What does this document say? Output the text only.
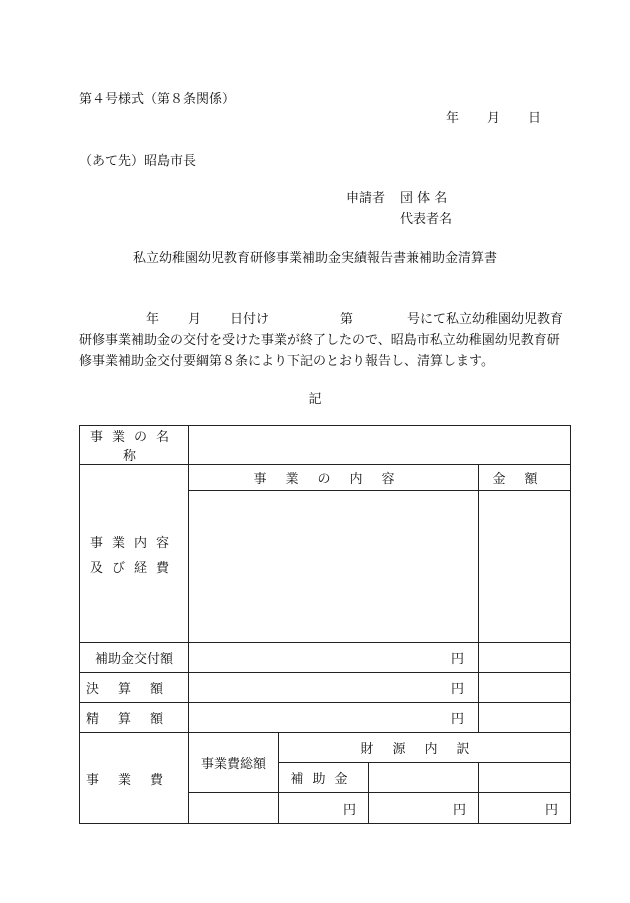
第４号様式（第８条関係）
年 月 日
（あて先）昭島市長
申請者 団 体 名
代表者名
私立幼稚園幼児教育研修事業補助金実績報告書兼補助金清算書
年 月 日付け	第	号にて私立幼稚園幼児教育
研修事業補助金の交付を受けた事業が終了したので、昭島市私立幼稚園幼児教育研
修事業補助金交付要綱第８条により下記のとおり報告し、清算します。
記
事業の名称				

事業内容
及び経費	事業の内容			金額

補助金交付額	円			
決算額	円			
精算額	円			
事業費	事業費総額	財源内訳		
		補助金		
		円	円	円
